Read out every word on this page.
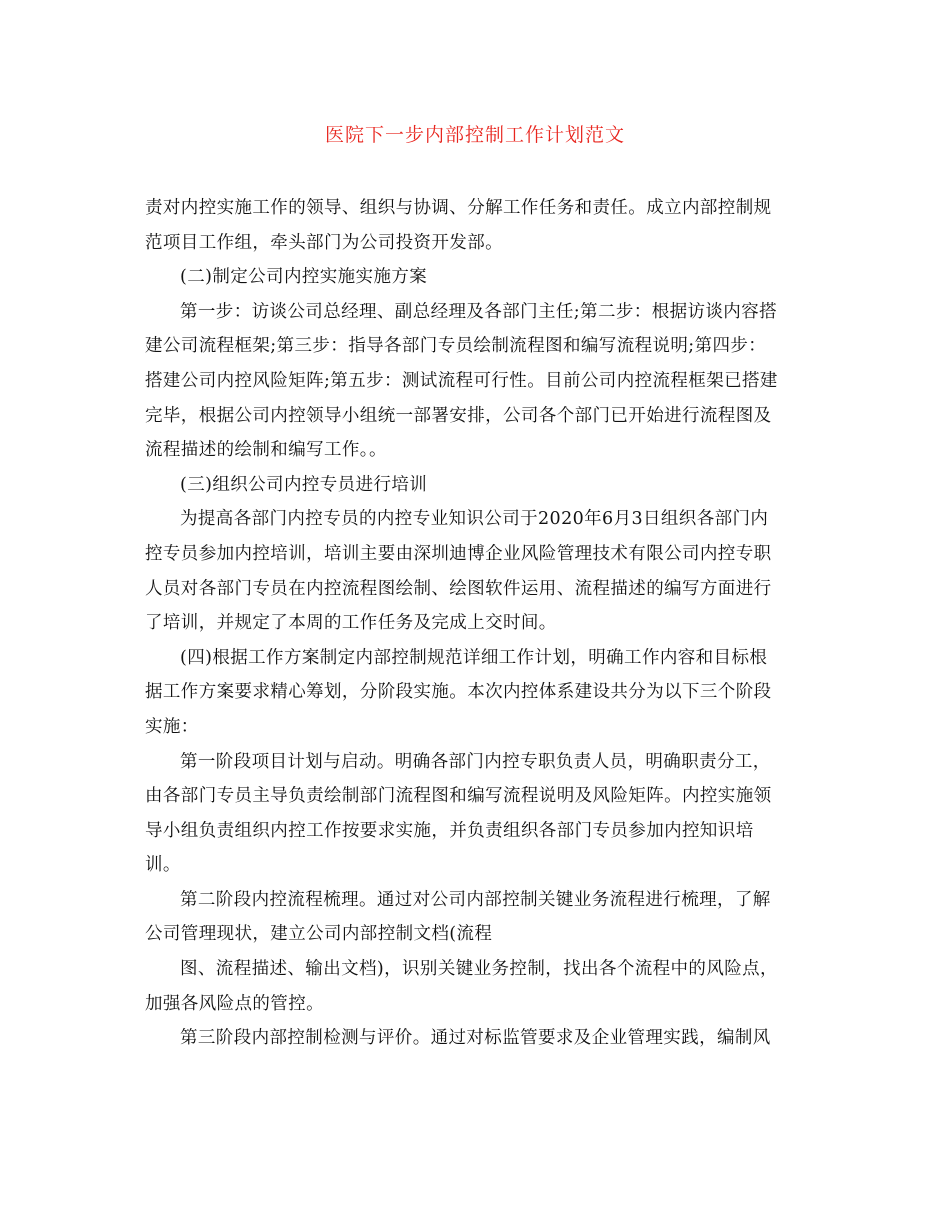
医院下一步内部控制工作计划范文
责对内控实施工作的领导、组织与协调、分解工作任务和责任。成立内部控制规
范项目工作组，牵头部门为公司投资开发部。
(二)制定公司内控实施实施方案
第一步：访谈公司总经理、副总经理及各部门主任;第二步：根据访谈内容搭
建公司流程框架;第三步：指导各部门专员绘制流程图和编写流程说明;第四步：
搭建公司内控风险矩阵;第五步：测试流程可行性。目前公司内控流程框架已搭建
完毕，根据公司内控领导小组统一部署安排，公司各个部门已开始进行流程图及
流程描述的绘制和编写工作。。
(三)组织公司内控专员进行培训
为提高各部门内控专员的内控专业知识公司于2020年6月3日组织各部门内
控专员参加内控培训，培训主要由深圳迪博企业风险管理技术有限公司内控专职
人员对各部门专员在内控流程图绘制、绘图软件运用、流程描述的编写方面进行
了培训，并规定了本周的工作任务及完成上交时间。
(四)根据工作方案制定内部控制规范详细工作计划，明确工作内容和目标根
据工作方案要求精心筹划，分阶段实施。本次内控体系建设共分为以下三个阶段
实施：
第一阶段项目计划与启动。明确各部门内控专职负责人员，明确职责分工，
由各部门专员主导负责绘制部门流程图和编写流程说明及风险矩阵。内控实施领
导小组负责组织内控工作按要求实施，并负责组织各部门专员参加内控知识培
训。
第二阶段内控流程梳理。通过对公司内部控制关键业务流程进行梳理，了解
公司管理现状，建立公司内部控制文档(流程
图、流程描述、输出文档)，识别关键业务控制，找出各个流程中的风险点，
加强各风险点的管控。
第三阶段内部控制检测与评价。通过对标监管要求及企业管理实践，编制风
